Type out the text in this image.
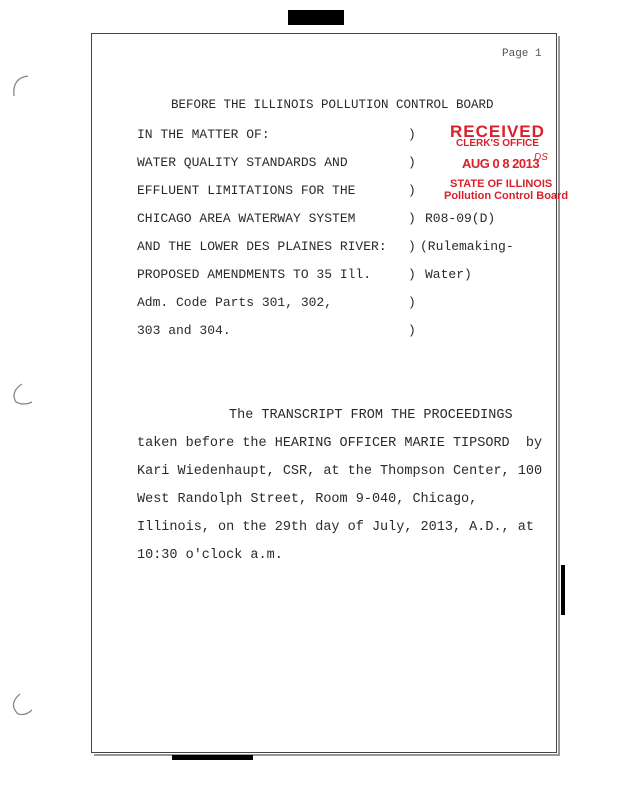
Page 1
BEFORE THE ILLINOIS POLLUTION CONTROL BOARD
IN THE MATTER OF:
WATER QUALITY STANDARDS AND
EFFLUENT LIMITATIONS FOR THE
CHICAGO AREA WATERWAY SYSTEM
AND THE LOWER DES PLAINES RIVER:
PROPOSED AMENDMENTS TO 35 Ill.
Adm. Code Parts 301, 302,
303 and 304.
)
)
)
)
)
)
)
)
R08-09(D)
(Rulemaking-
Water)
RECEIVED
CLERK'S OFFICE
AUG 0 8 2013
DS
STATE OF ILLINOIS
Pollution Control Board
The TRANSCRIPT FROM THE PROCEEDINGS
taken before the HEARING OFFICER MARIE TIPSORD  by
Kari Wiedenhaupt, CSR, at the Thompson Center, 100
West Randolph Street, Room 9-040, Chicago,
Illinois, on the 29th day of July, 2013, A.D., at
10:30 o'clock a.m.
